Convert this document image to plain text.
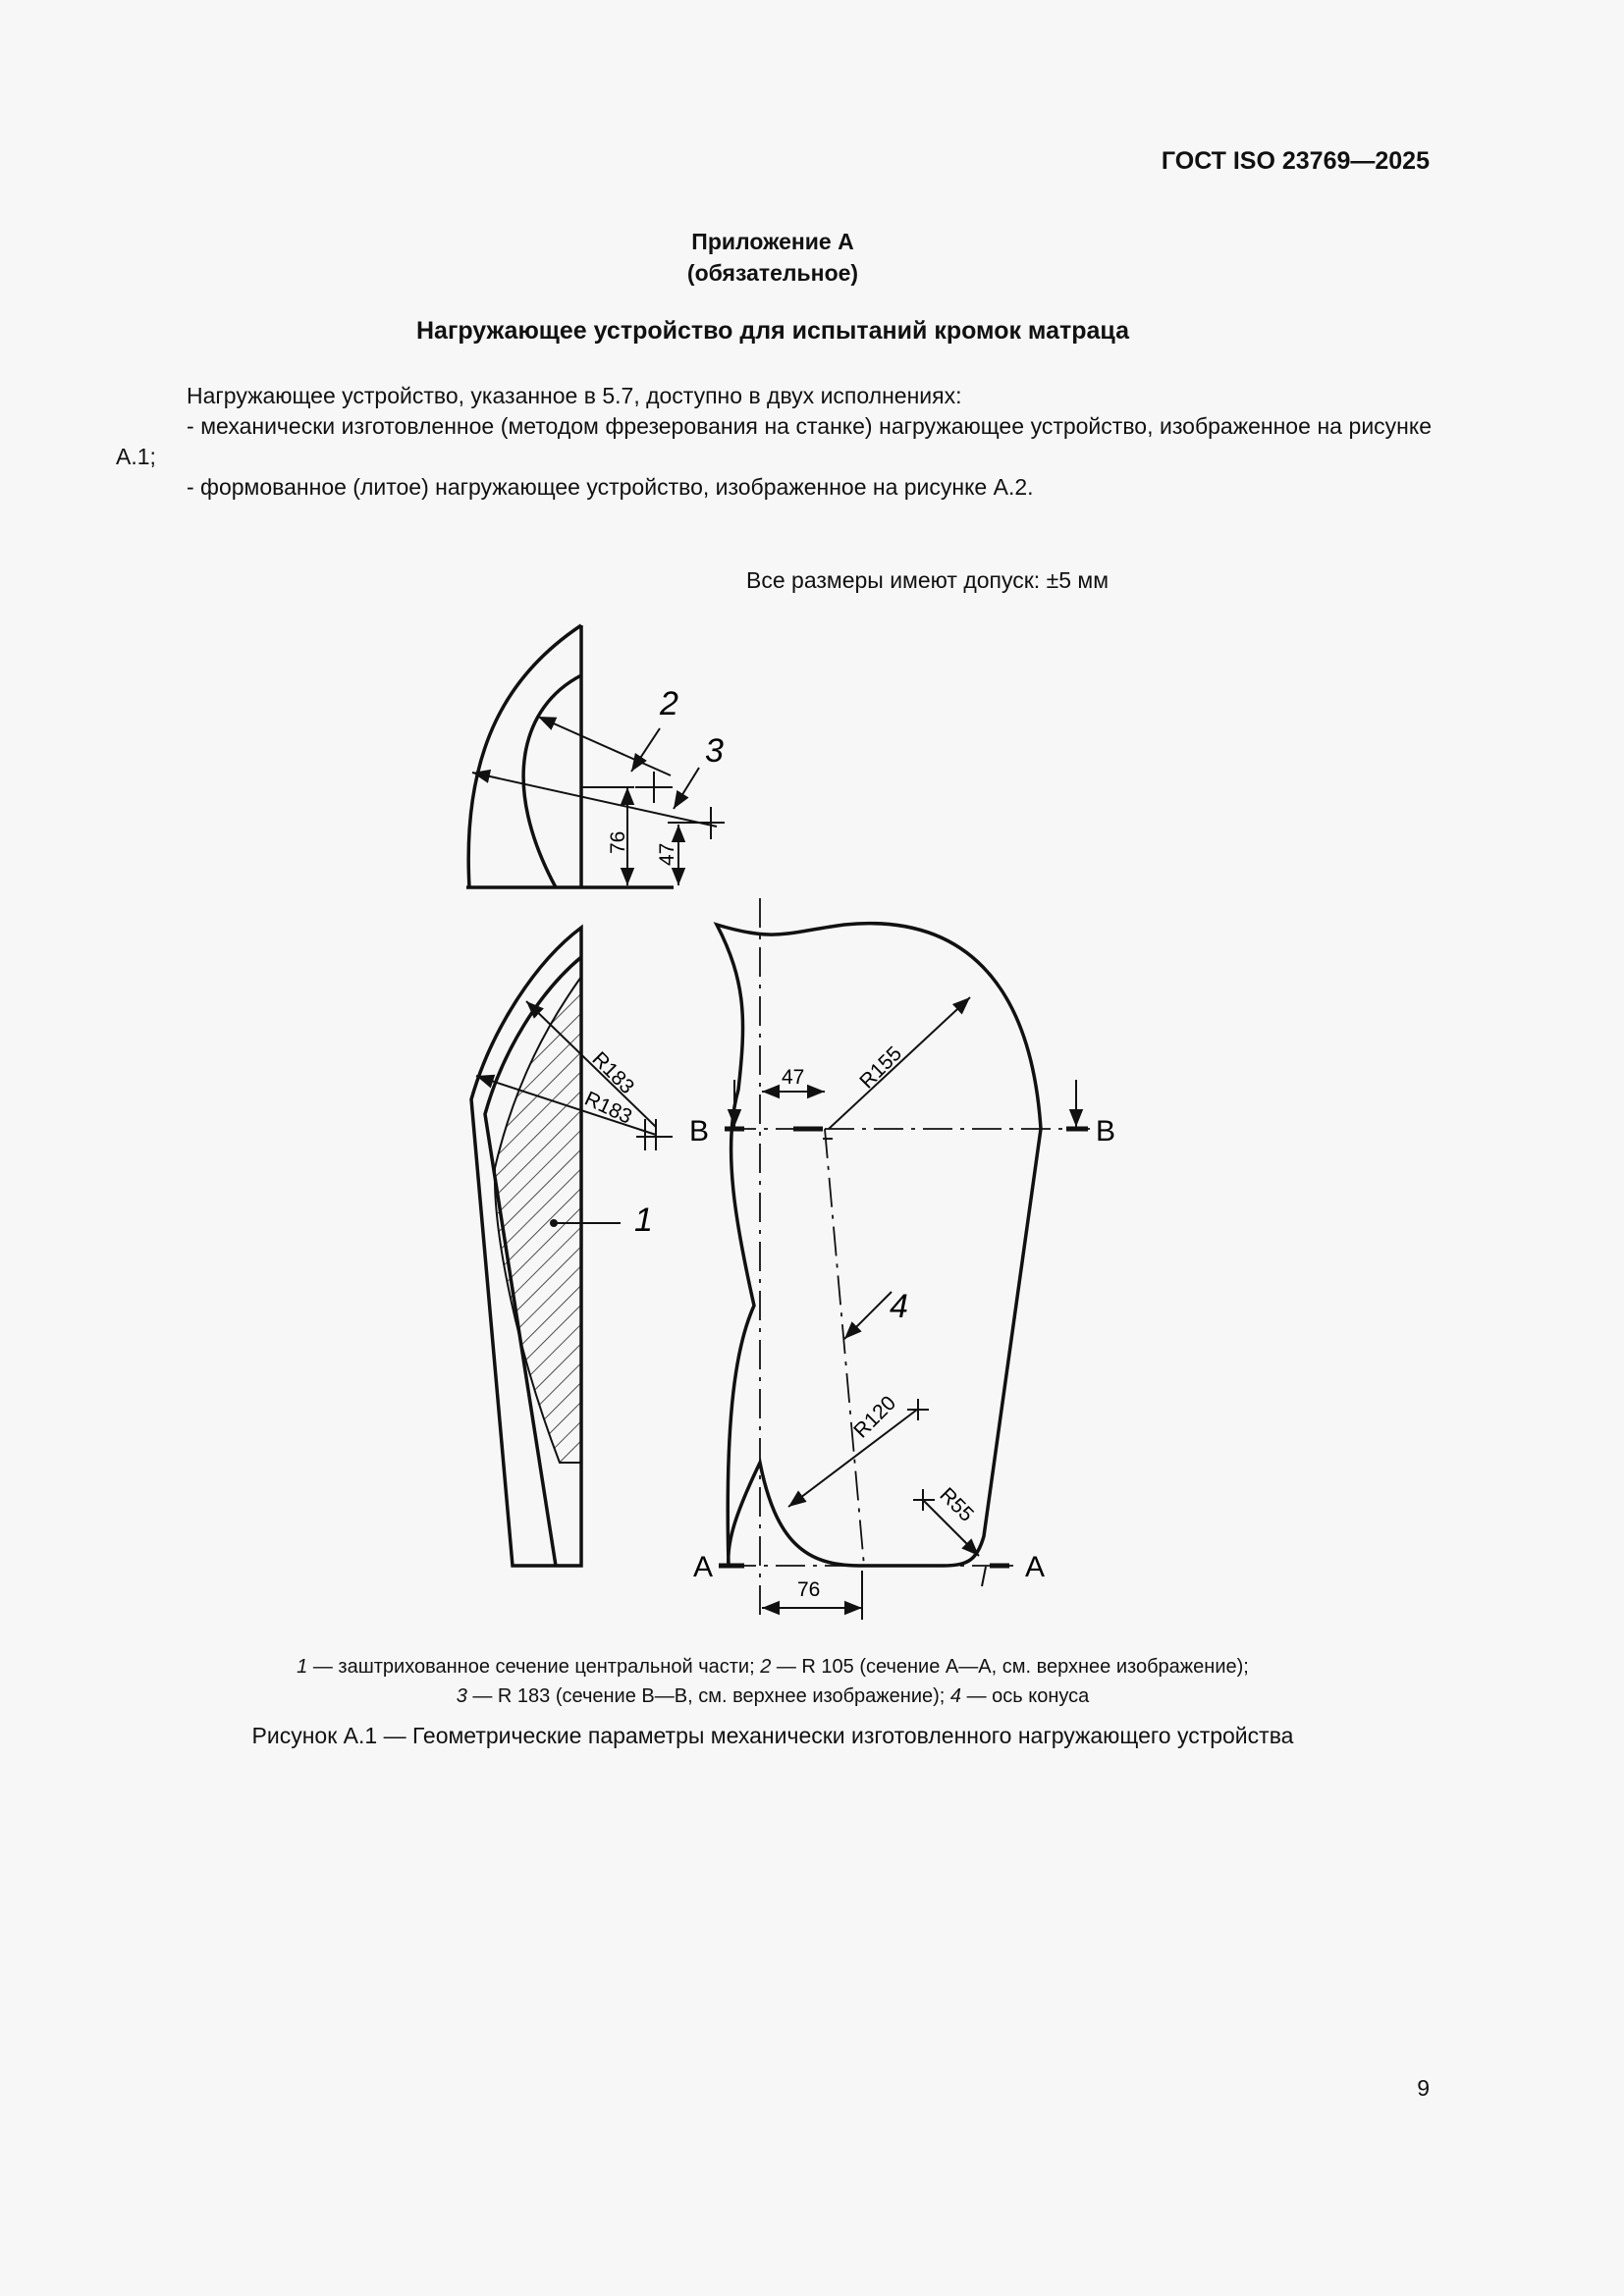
ГОСТ ISO 23769—2025
Приложение А
(обязательное)
Нагружающее устройство для испытаний кромок матраца

Нагружающее устройство, указанное в 5.7, доступно в двух исполнениях:

- механически изготовленное (методом фрезерования на станке) нагружающее устройство, изображенное на рисунке А.1;

- формованное (литое) нагружающее устройство, изображенное на рисунке А.2.

Все размеры имеют допуск: ±5 мм
2
3
76
47
R183
R183
1
47 R155
R120
R55
76
4
B	B
A	A
1 — заштрихованное сечение центральной части; 2 — R 105 (сечение А—А, см. верхнее изображение);
3 — R 183 (сечение В—В, см. верхнее изображение); 4 — ось конуса
Рисунок А.1 — Геометрические параметры механически изготовленного нагружающего устройства
9
